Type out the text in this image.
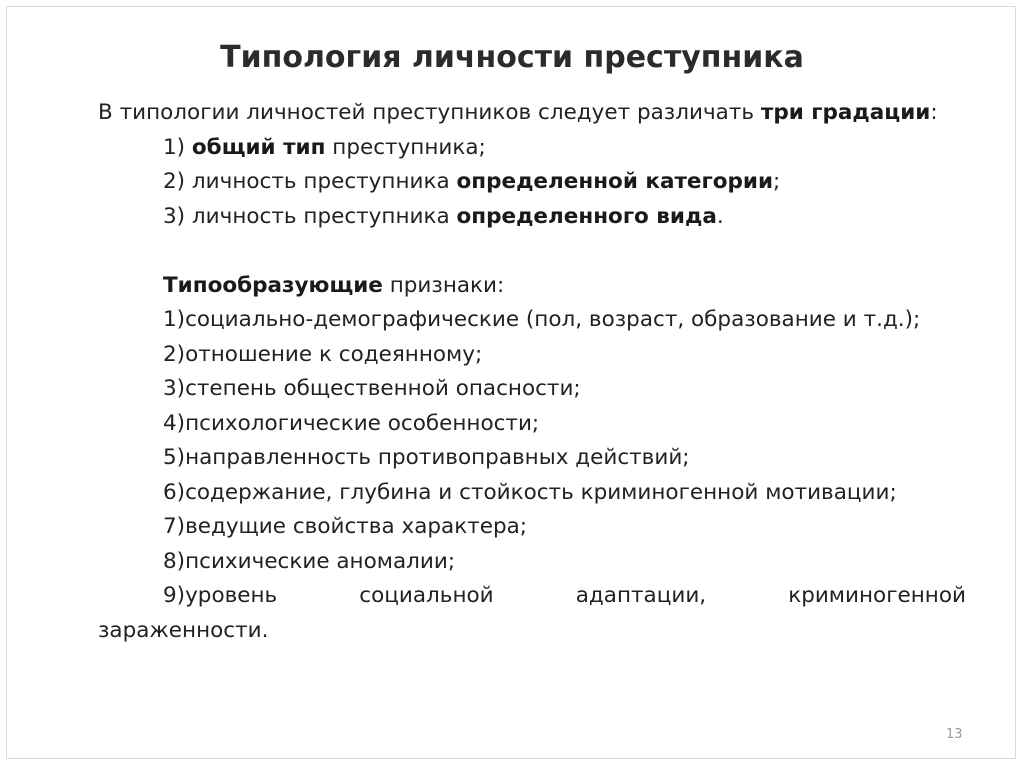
Типология личности преступника

В типологии личностей преступников следует различать три градации:

1) общий тип преступника;

2) личность преступника определенной категории;

3) личность преступника определенного вида.

Типообразующие признаки:

1)социально-демографические (пол, возраст, образование и т.д.);

2)отношение к содеянному;

3)степень общественной опасности;

4)психологические особенности;

5)направленность противоправных действий;

6)содержание, глубина и стойкость криминогенной мотивации;

7)ведущие свойства характера;

8)психические аномалии;

9)уровень	социальной	адаптации,	криминогенной

зараженности.

13
